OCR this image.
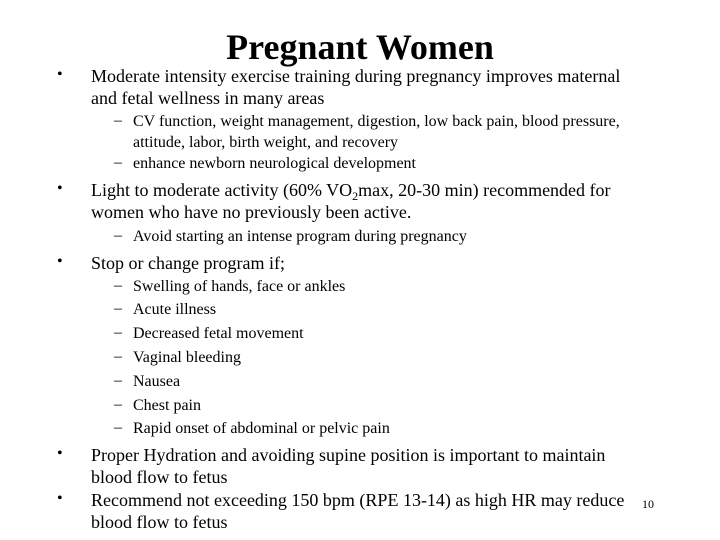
Pregnant Women
• Moderate intensity exercise training during pregnancy improves maternal and fetal wellness in many areas
– CV function, weight management, digestion, low back pain, blood pressure, attitude, labor, birth weight, and recovery
– enhance newborn neurological development
• Light to moderate activity (60% $VO_2\max$, 20-30 min) recommended for women who have no previously been active.
– Avoid starting an intense program during pregnancy
• Stop or change program if;
– Swelling of hands, face or ankles
– Acute illness
– Decreased fetal movement
– Vaginal bleeding
– Nausea
– Chest pain
– Rapid onset of abdominal or pelvic pain
• Proper Hydration and avoiding supine position is important to maintain blood flow to fetus
• Recommend not exceeding 150 bpm (RPE 13-14) as high HR may reduce blood flow to fetus
10
